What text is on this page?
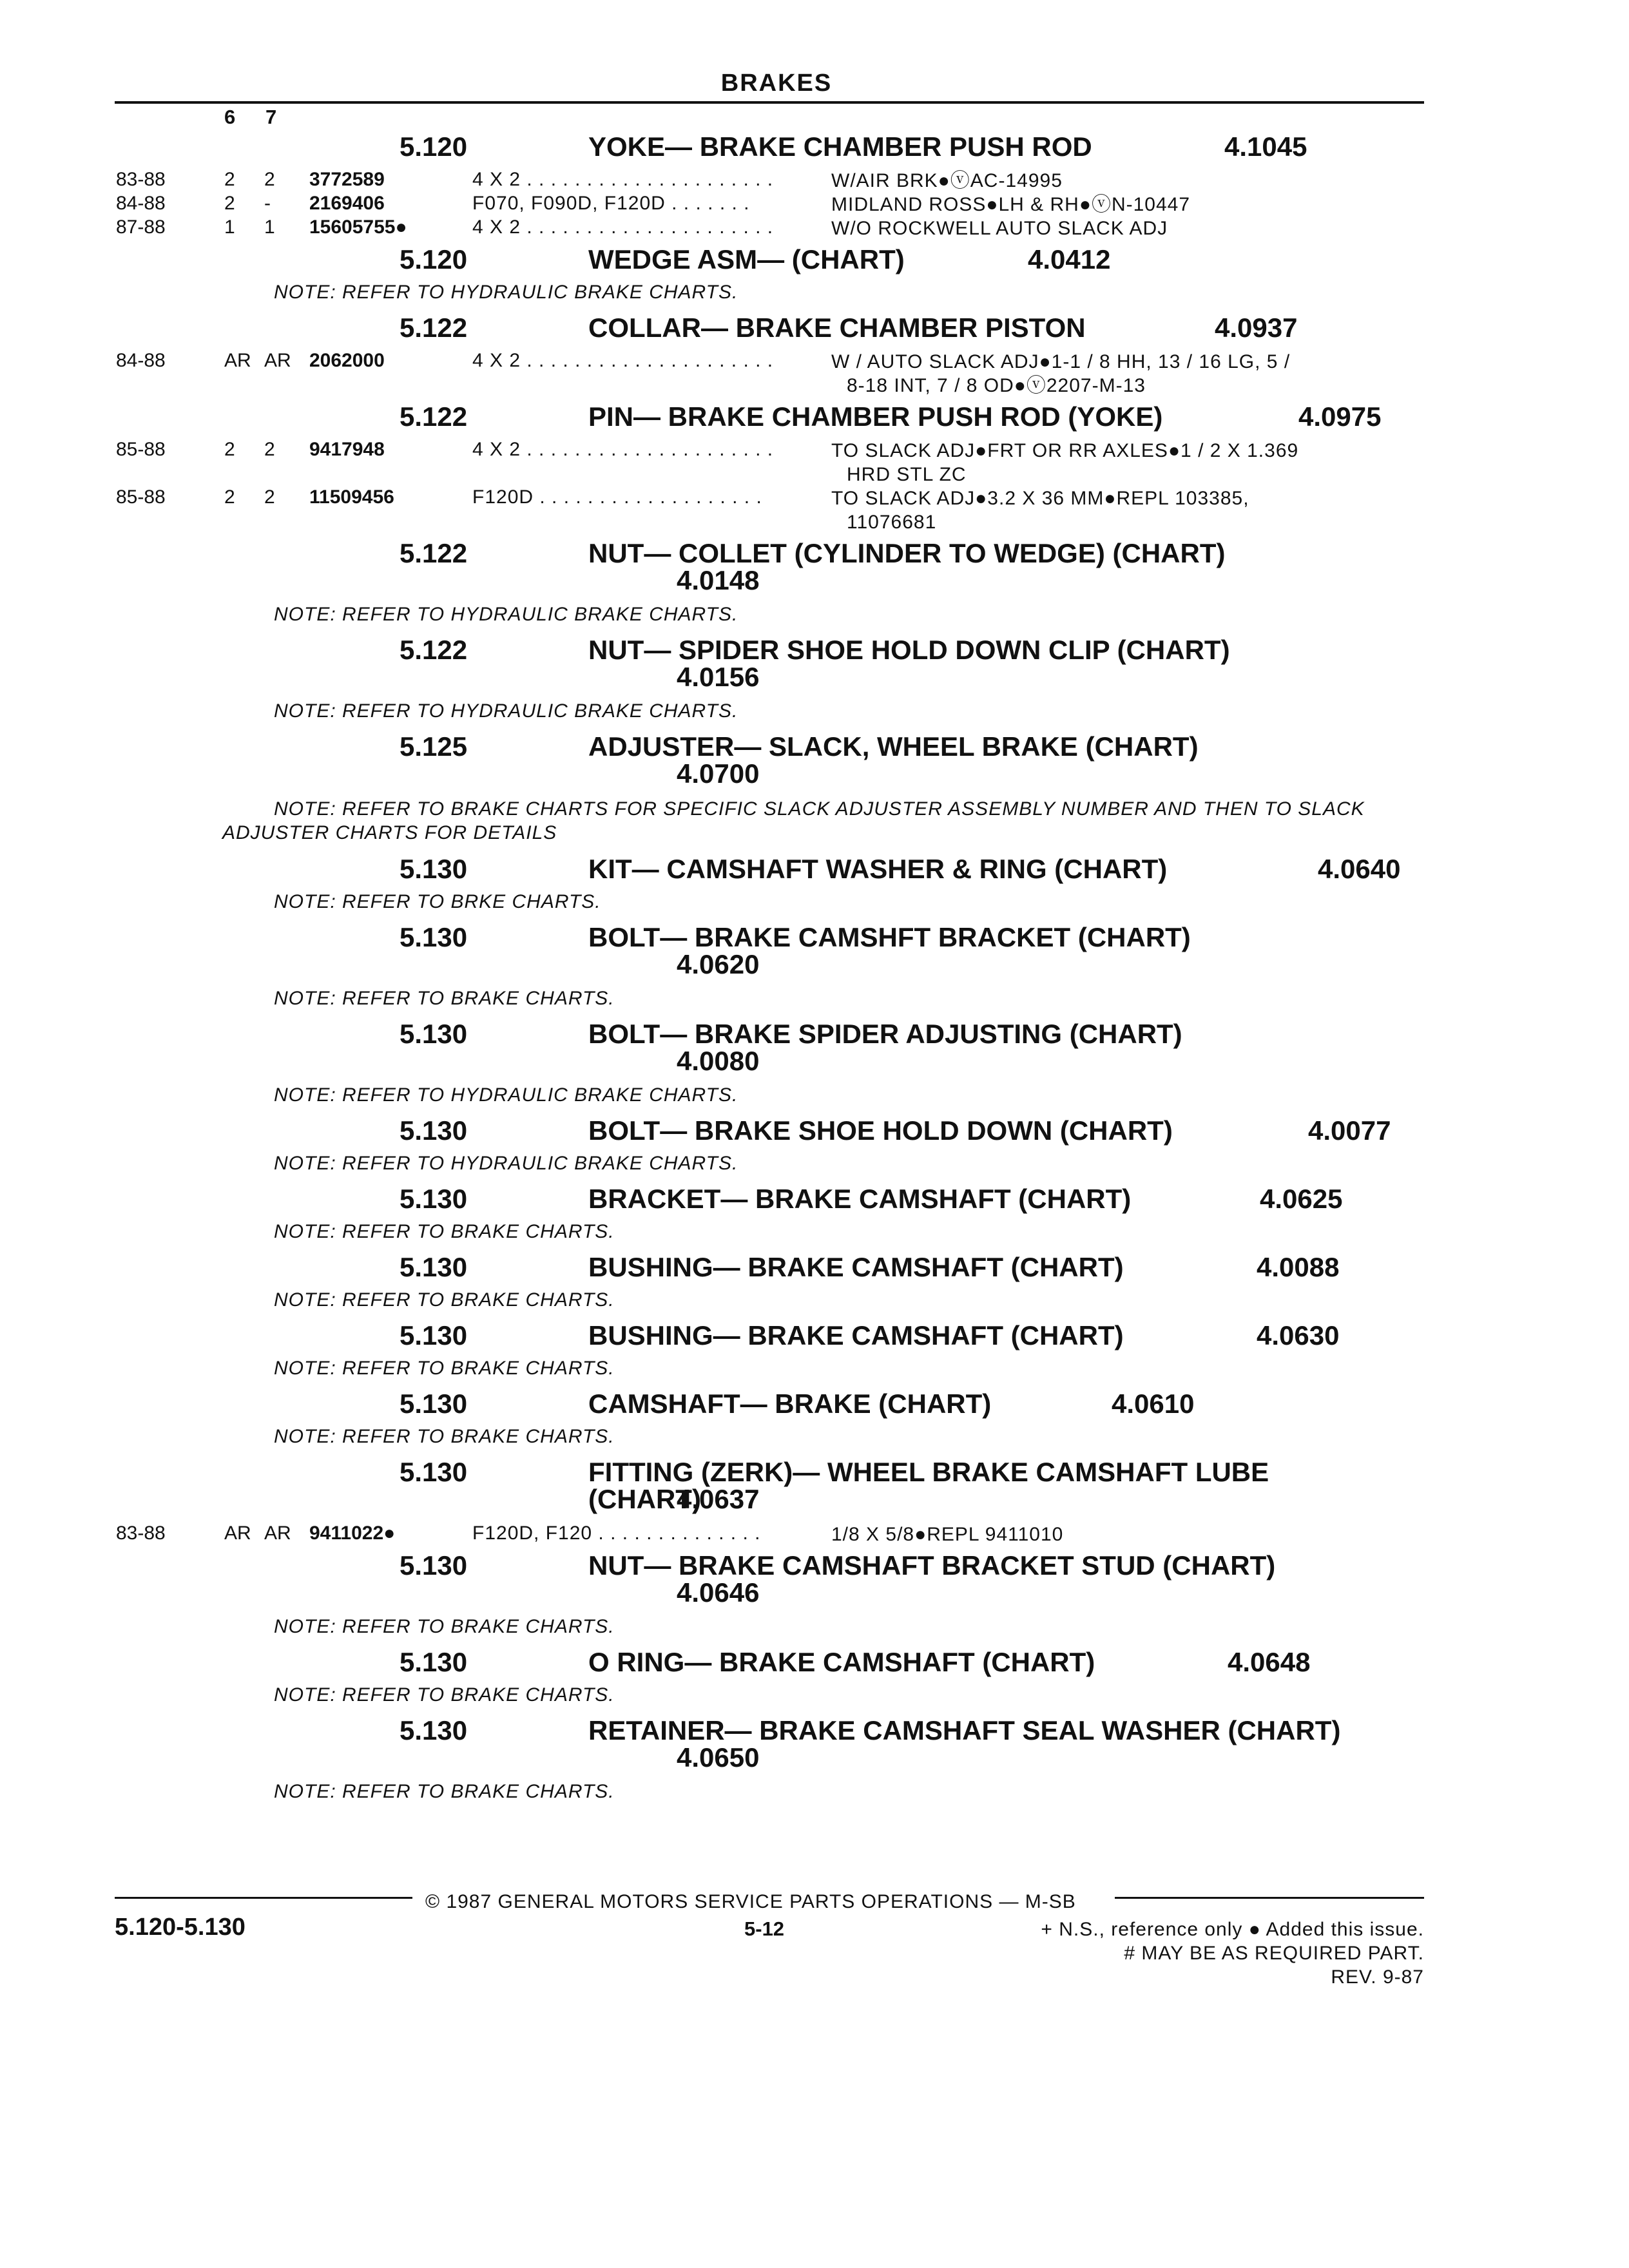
BRAKES
6 7
5.120	YOKE— BRAKE CHAMBER PUSH ROD	4.1045
83-88	2 2 3772589	4 X 2 . . . . . . . . . . . . . . . . . . . . .	W/AIR BRK●ⓥAC-14995
84-88	2 - 2169406	F070, F090D, F120D . . . . . . .	MIDLAND ROSS●LH & RH●ⓥN-10447
87-88	1 1 15605755●	4 X 2 . . . . . . . . . . . . . . . . . . . . .	W/O ROCKWELL AUTO SLACK ADJ
5.120	WEDGE ASM— (CHART)	4.0412
NOTE: REFER TO HYDRAULIC BRAKE CHARTS.
5.122	COLLAR— BRAKE CHAMBER PISTON	4.0937
84-88	AR AR 2062000	4 X 2 . . . . . . . . . . . . . . . . . . . . .	W / AUTO SLACK ADJ●1-1 / 8 HH, 13 / 16 LG, 5 /
8-18 INT, 7 / 8 OD●ⓥ2207-M-13
5.122	PIN— BRAKE CHAMBER PUSH ROD (YOKE)	4.0975
85-88	2 2 9417948	4 X 2 . . . . . . . . . . . . . . . . . . . . .	TO SLACK ADJ●FRT OR RR AXLES●1 / 2 X 1.369
HRD STL ZC
85-88	2 2 11509456	F120D . . . . . . . . . . . . . . . . . . .	TO SLACK ADJ●3.2 X 36 MM●REPL 103385,
11076681
5.122	NUT— COLLET (CYLINDER TO WEDGE) (CHART)
4.0148
NOTE: REFER TO HYDRAULIC BRAKE CHARTS.
5.122	NUT— SPIDER SHOE HOLD DOWN CLIP (CHART)
4.0156
NOTE: REFER TO HYDRAULIC BRAKE CHARTS.
5.125	ADJUSTER— SLACK, WHEEL BRAKE (CHART)
4.0700
NOTE: REFER TO BRAKE CHARTS FOR SPECIFIC SLACK ADJUSTER ASSEMBLY NUMBER AND THEN TO SLACK ADJUSTER CHARTS FOR DETAILS
5.130	KIT— CAMSHAFT WASHER & RING (CHART)	4.0640
NOTE: REFER TO BRKE CHARTS.
5.130	BOLT— BRAKE CAMSHFT BRACKET (CHART)
4.0620
NOTE: REFER TO BRAKE CHARTS.
5.130	BOLT— BRAKE SPIDER ADJUSTING (CHART)
4.0080
NOTE: REFER TO HYDRAULIC BRAKE CHARTS.
5.130	BOLT— BRAKE SHOE HOLD DOWN (CHART)	4.0077
NOTE: REFER TO HYDRAULIC BRAKE CHARTS.
5.130	BRACKET— BRAKE CAMSHAFT (CHART)	4.0625
NOTE: REFER TO BRAKE CHARTS.
5.130	BUSHING— BRAKE CAMSHAFT (CHART)	4.0088
NOTE: REFER TO BRAKE CHARTS.
5.130	BUSHING— BRAKE CAMSHAFT (CHART)	4.0630
NOTE: REFER TO BRAKE CHARTS.
5.130	CAMSHAFT— BRAKE (CHART)	4.0610
NOTE: REFER TO BRAKE CHARTS.
5.130	FITTING (ZERK)— WHEEL BRAKE CAMSHAFT LUBE
(CHART)
4.0637
83-88	AR AR 9411022●	F120D, F120 . . . . . . . . . . . . . .	1/8 X 5/8●REPL 9411010
5.130	NUT— BRAKE CAMSHAFT BRACKET STUD (CHART)
4.0646
NOTE: REFER TO BRAKE CHARTS.
5.130	O RING— BRAKE CAMSHAFT (CHART)	4.0648
NOTE: REFER TO BRAKE CHARTS.
5.130	RETAINER— BRAKE CAMSHAFT SEAL WASHER (CHART)
4.0650
NOTE: REFER TO BRAKE CHARTS.
© 1987 GENERAL MOTORS SERVICE PARTS OPERATIONS — M-SB
5.120-5.130	5-12	+ N.S., reference only ● Added this issue.
# MAY BE AS REQUIRED PART.
REV. 9-87
